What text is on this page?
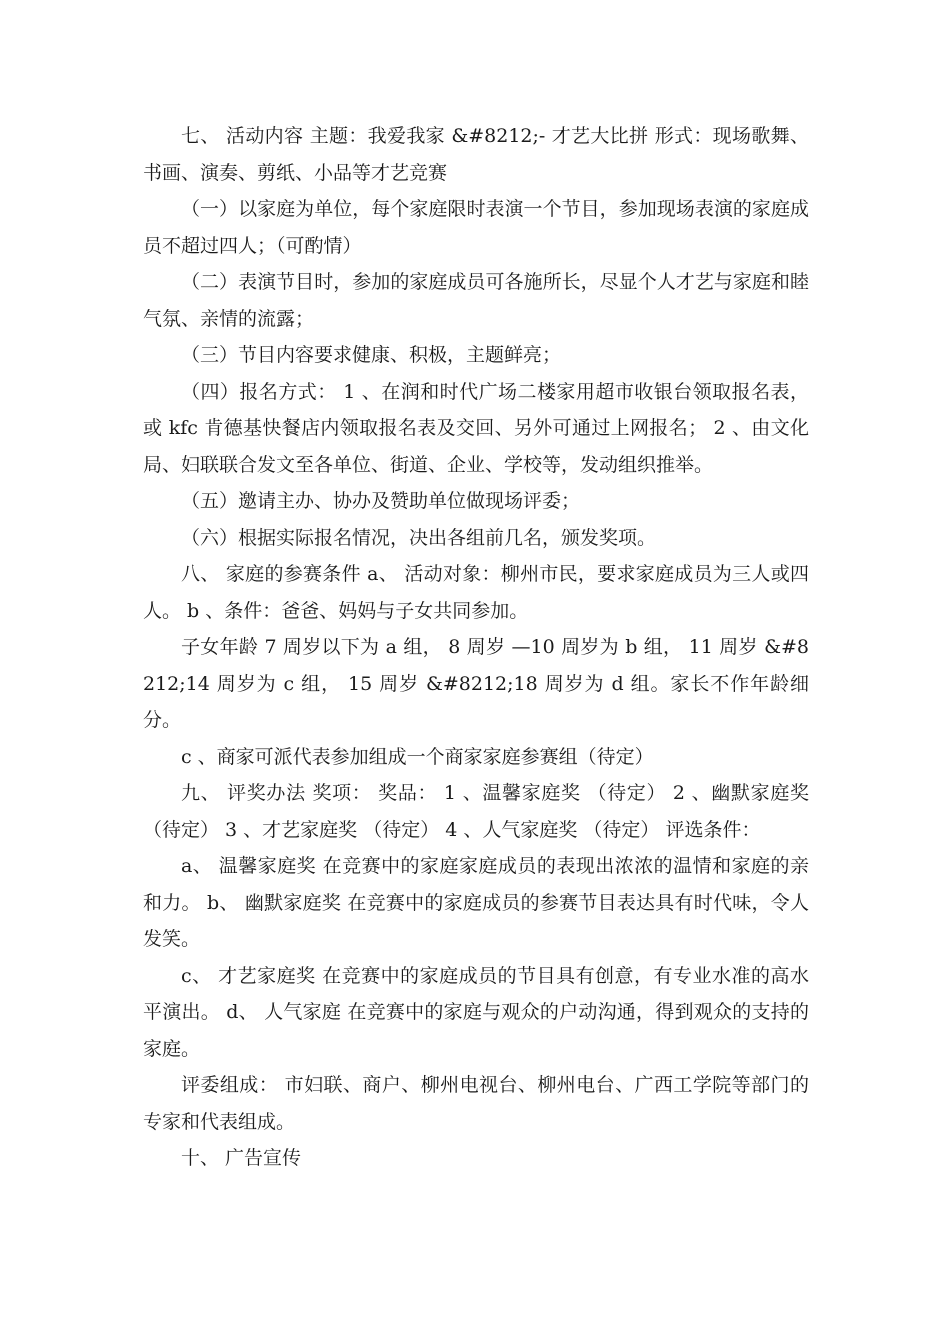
七、 活动内容 主题：我爱我家 &#8212;- 才艺大比拼 形式：现场歌舞、书画、演奏、剪纸、小品等才艺竞赛

（一）以家庭为单位，每个家庭限时表演一个节目，参加现场表演的家庭成员不超过四人；（可酌情）

（二）表演节目时，参加的家庭成员可各施所长，尽显个人才艺与家庭和睦气氛、亲情的流露；

（三）节目内容要求健康、积极，主题鲜亮；

（四）报名方式： 1 、在润和时代广场二楼家用超市收银台领取报名表，或 kfc 肯德基快餐店内领取报名表及交回、另外可通过上网报名； 2 、由文化局、妇联联合发文至各单位、街道、企业、学校等，发动组织推举。

（五）邀请主办、协办及赞助单位做现场评委；

（六）根据实际报名情况，决出各组前几名，颁发奖项。

八、 家庭的参赛条件 a、 活动对象：柳州市民，要求家庭成员为三人或四人。 b 、条件：爸爸、妈妈与子女共同参加。

子女年龄 7 周岁以下为 a 组， 8 周岁 —10 周岁为 b 组， 11 周岁 &#8212;14 周岁为 c 组， 15 周岁 &#8212;18 周岁为 d 组。家长不作年龄细分。

c 、商家可派代表参加组成一个商家家庭参赛组（待定）

九、 评奖办法 奖项： 奖品： 1 、温馨家庭奖 （待定） 2 、幽默家庭奖（待定） 3 、才艺家庭奖 （待定） 4 、人气家庭奖 （待定） 评选条件：

a、 温馨家庭奖 在竞赛中的家庭家庭成员的表现出浓浓的温情和家庭的亲和力。 b、 幽默家庭奖 在竞赛中的家庭成员的参赛节目表达具有时代味，令人发笑。

c、 才艺家庭奖 在竞赛中的家庭成员的节目具有创意，有专业水准的高水平演出。 d、 人气家庭 在竞赛中的家庭与观众的户动沟通，得到观众的支持的家庭。

评委组成： 市妇联、商户、柳州电视台、柳州电台、广西工学院等部门的专家和代表组成。

十、 广告宣传
